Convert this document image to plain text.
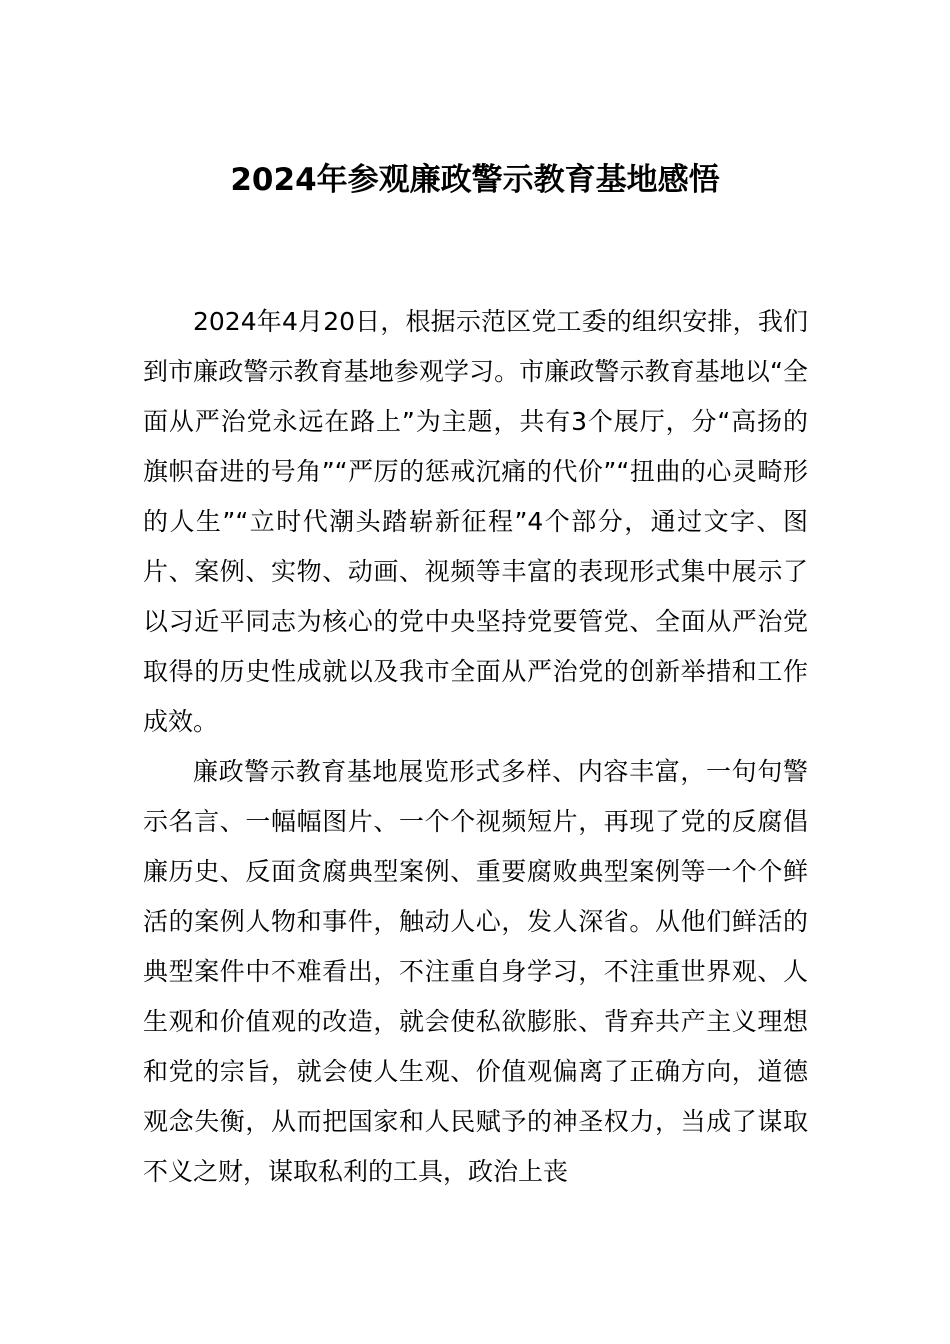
2024年参观廉政警示教育基地感悟

2024年4月20日，根据示范区党工委的组织安排，我们到市廉政警示教育基地参观学习。市廉政警示教育基地以“全面从严治党永远在路上”为主题，共有3个展厅，分“高扬的旗帜奋进的号角”“严厉的惩戒沉痛的代价”“扭曲的心灵畸形的人生”“立时代潮头踏崭新征程”4个部分，通过文字、图片、案例、实物、动画、视频等丰富的表现形式集中展示了以习近平同志为核心的党中央坚持党要管党、全面从严治党取得的历史性成就以及我市全面从严治党的创新举措和工作成效。

廉政警示教育基地展览形式多样、内容丰富，一句句警示名言、一幅幅图片、一个个视频短片，再现了党的反腐倡廉历史、反面贪腐典型案例、重要腐败典型案例等一个个鲜活的案例人物和事件，触动人心，发人深省。从他们鲜活的典型案件中不难看出，不注重自身学习，不注重世界观、人生观和价值观的改造，就会使私欲膨胀、背弃共产主义理想和党的宗旨，就会使人生观、价值观偏离了正确方向，道德观念失衡，从而把国家和人民赋予的神圣权力，当成了谋取不义之财，谋取私利的工具，政治上丧
